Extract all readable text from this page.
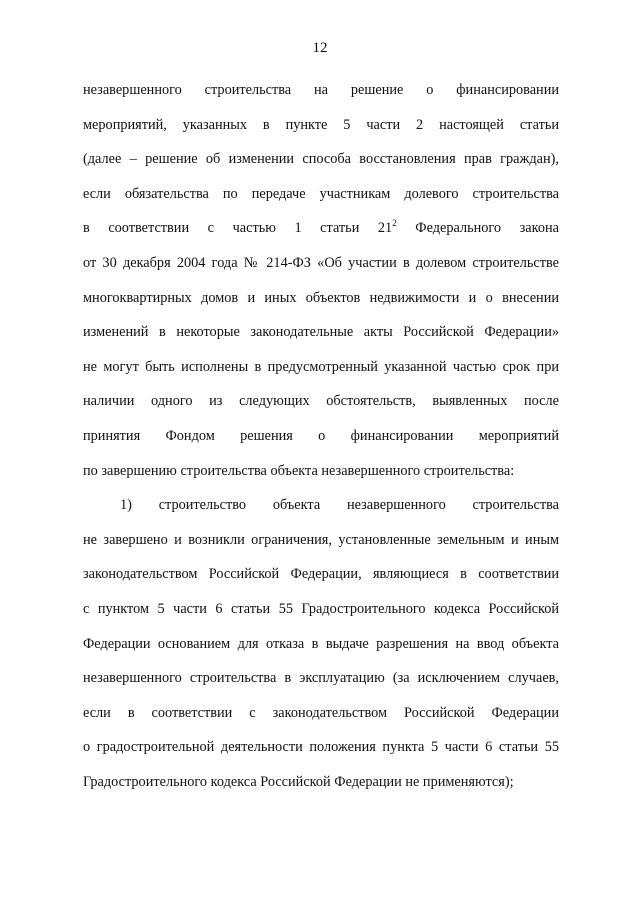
12
незавершенного строительства на решение о финансировании
мероприятий, указанных в пункте 5 части 2 настоящей статьи
(далее – решение об изменении способа восстановления прав граждан),
если обязательства по передаче участникам долевого строительства
в соответствии с частью 1 статьи $21^2$ Федерального закона
от 30 декабря 2004 года № 214-ФЗ «Об участии в долевом строительстве
многоквартирных домов и иных объектов недвижимости и о внесении
изменений в некоторые законодательные акты Российской Федерации»
не могут быть исполнены в предусмотренный указанной частью срок при
наличии одного из следующих обстоятельств, выявленных после
принятия Фондом решения о финансировании мероприятий
по завершению строительства объекта незавершенного строительства:
1) строительство объекта незавершенного строительства
не завершено и возникли ограничения, установленные земельным и иным
законодательством Российской Федерации, являющиеся в соответствии
с пунктом 5 части 6 статьи 55 Градостроительного кодекса Российской
Федерации основанием для отказа в выдаче разрешения на ввод объекта
незавершенного строительства в эксплуатацию (за исключением случаев,
если в соответствии с законодательством Российской Федерации
о градостроительной деятельности положения пункта 5 части 6 статьи 55
Градостроительного кодекса Российской Федерации не применяются);
